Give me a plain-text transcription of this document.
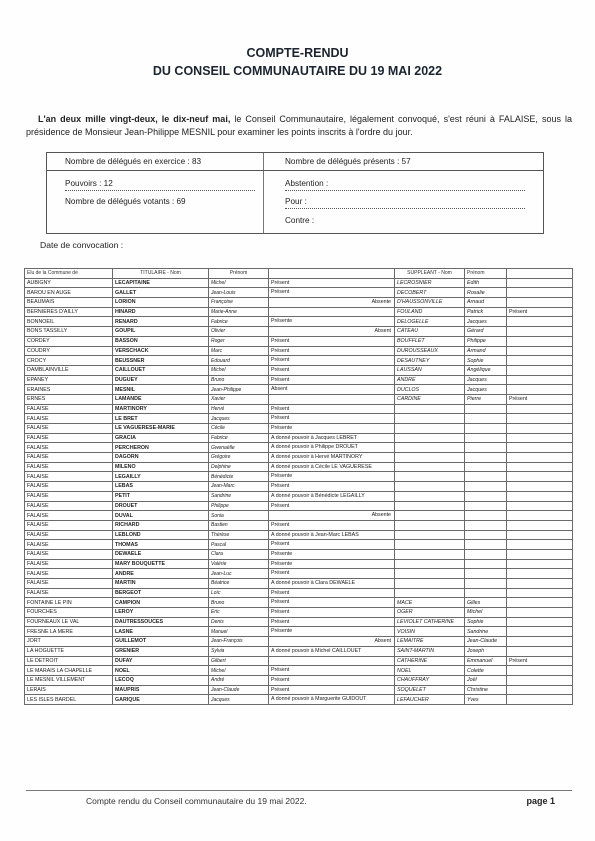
COMPTE-RENDU
DU CONSEIL COMMUNAUTAIRE DU 19 MAI 2022
L'an deux mille vingt-deux, le dix-neuf mai, le Conseil Communautaire, légalement convoqué, s'est réuni à FALAISE, sous la présidence de Monsieur Jean-Philippe MESNIL pour examiner les points inscrits à l'ordre du jour.
Nombre de délégués en exercice : 83	Nombre de délégués présents : 57
Pouvoirs : 12	Abstention :
Nombre de délégués votants : 69	Pour :
Contre :
Date de convocation :
Elu de la Commune de	TITULAIRE - Nom	Prénom		SUPPLEANT - Nom	Prénom	
AUBIGNY	LECAPITAINE	Michel	Présent	LECROSNIER	Edith	
BAROU EN AUGE	GALLET	Jean-Louis	Présent	DECOBERT	Rosalie	
BEAUMAIS	LORION	Françoise	Absente	D'HAUSSONVILLE	Arnaud	
BERNIERES D'AILLY	HINARD	Marie-Anne		FOULAND	Patrick	Présent
BONNOEIL	RENARD	Fabrice	Présente	DELOGELLE	Jacques	
BONS TASSILLY	GOUPIL	Olivier	Absent	CATEAU	Gérard	
CORDEY	BASSON	Roger	Présent	BOUFFLET	Philippe	
COUDRY	VERSCHACK	Marc	Présent	DUROUSSEAUX	Armand	
CROCY	BEUSSNER	Edouard	Présent	DESAUTNEY	Sophie	
DAMBLAINVILLE	CAILLOUET	Michel	Présent	LAUSSAN	Angélique	
EPANEY	DUGUEY	Bruno	Présent	ANDRE	Jacques	
ERAINES	MESNIL	Jean-Philippe	Absent	DUCLOS	Jacques	
ERNES	LAMANDE	Xavier		CARDINE	Pierre	Présent
FALAISE	MARTINORY	Hervé	Présent			

FALAISE	LE BRET	Jacques	Présent			

FALAISE	LE VAGUERESE-MARIE	Cécile	Présente			

FALAISE	GRACIA	Fabrice	A donné pouvoir à Jacques LEBRET			

FALAISE	PERCHERON	Gwenaëlle	A donné pouvoir à Philippe DROUET			

FALAISE	DAGORN	Grégoire	A donné pouvoir à Hervé MARTINORY			

FALAISE	MILENO	Delphine	A donné pouvoir à Cécile LE VAGUERESE			

FALAISE	LEGAILLY	Bénédicte	Présente			

FALAISE	LEBAS	Jean-Marc	Présent			

FALAISE	PETIT	Sandrine	A donné pouvoir à Bénédicte LEGAILLY			

FALAISE	DROUET	Philippe	Présent			

FALAISE	DUVAL	Sonia	Absente			

FALAISE	RICHARD	Bastien	Présent			

FALAISE	LEBLOND	Thérèse	A donné pouvoir à Jean-Marc LEBAS			

FALAISE	THOMAS	Pascal	Présent			

FALAISE	DEWAELE	Clara	Présente			

FALAISE	MARY BOUQUETTE	Valérie	Présente			

FALAISE	ANDRE	Jean-Luc	Présent			

FALAISE	MARTIN	Béatrice	A donné pouvoir à Clara DEWAELE			

FALAISE	BERGEOT	Loïc	Présent			

FONTAINE LE PIN	CAMPION	Bruno	Présent	MACE	Gilles	
FOURCHES	LEROY	Eric	Présent	OGER	Michel	
FOURNEAUX LE VAL	DAUTRESSOUCES	Denis	Présent	LEVIOLET CATHERINE	Sophie	
FRESNE LA MERE	LASNE	Manuel	Présente	VOISIN	Sandrine	
JORT	GUILLEMOT	Jean-François	Absent	LEMAITRE	Jean-Claude	
LA HOGUETTE	GRENIER	Sylvia	A donné pouvoir à Michel CAILLOUET	SAINT-MARTIN	Joseph	
LE DETROIT	DUFAY	Gilbert		CATHERINE	Emmanuel	Présent
LE MARAIS LA CHAPELLE	NOEL	Michel	Présent	NOEL	Colette	
LE MESNIL VILLEMENT	LECOQ	André	Présent	CHAUFFRAY	Joël	
LERAIS	MAUPRIS	Jean-Claude	Présent	SOQUELET	Christine	
LES ISLES BARDEL	GARIQUE	Jacques	A donné pouvoir à Marguerite GUIDOUT	LEFAUCHER	Yves	
Compte rendu du Conseil communautaire du 19 mai 2022.	page 1
